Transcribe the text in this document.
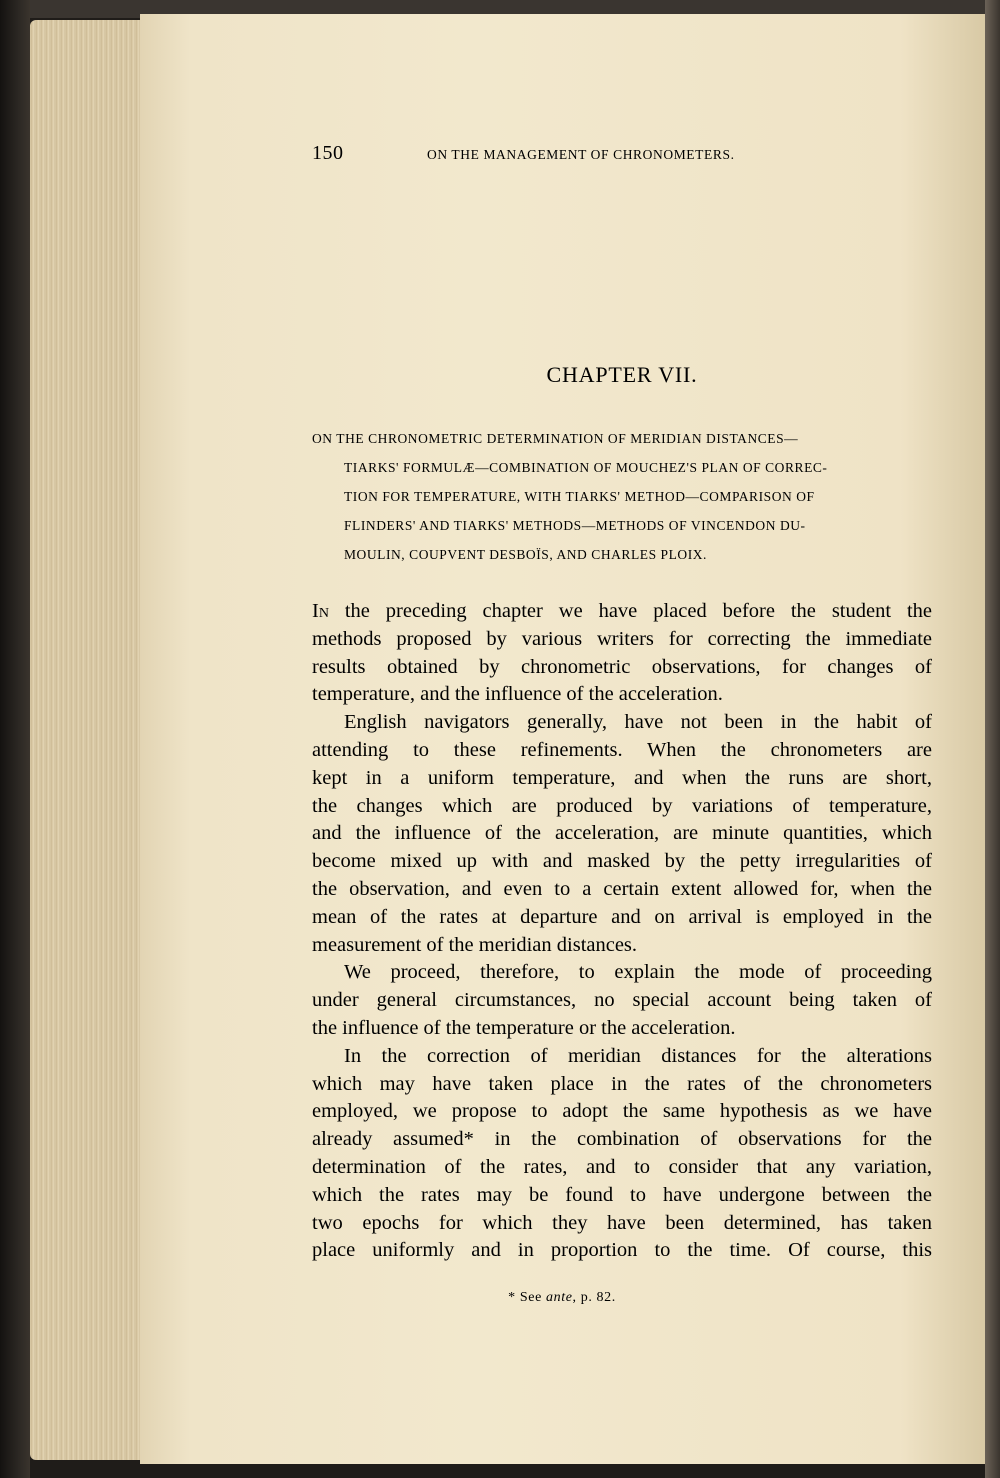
150	ON THE MANAGEMENT OF CHRONOMETERS.
CHAPTER VII.
ON THE CHRONOMETRIC DETERMINATION OF MERIDIAN DISTANCES—
TIARKS' FORMULÆ—COMBINATION OF MOUCHEZ'S PLAN OF CORREC-
TION FOR TEMPERATURE, WITH TIARKS' METHOD—COMPARISON OF
FLINDERS' AND TIARKS' METHODS—METHODS OF VINCENDON DU-
MOULIN, COUPVENT DESBOÏS, AND CHARLES PLOIX.
In the preceding chapter we have placed before the student the
methods proposed by various writers for correcting the immediate
results obtained by chronometric observations, for changes of
temperature, and the influence of the acceleration.
English navigators generally, have not been in the habit of
attending to these refinements. When the chronometers are
kept in a uniform temperature, and when the runs are short,
the changes which are produced by variations of temperature,
and the influence of the acceleration, are minute quantities, which
become mixed up with and masked by the petty irregularities of
the observation, and even to a certain extent allowed for, when the
mean of the rates at departure and on arrival is employed in the
measurement of the meridian distances.
We proceed, therefore, to explain the mode of proceeding
under general circumstances, no special account being taken of
the influence of the temperature or the acceleration.
In the correction of meridian distances for the alterations
which may have taken place in the rates of the chronometers
employed, we propose to adopt the same hypothesis as we have
already assumed* in the combination of observations for the
determination of the rates, and to consider that any variation,
which the rates may be found to have undergone between the
two epochs for which they have been determined, has taken
place uniformly and in proportion to the time. Of course, this
* See ante, p. 82.
